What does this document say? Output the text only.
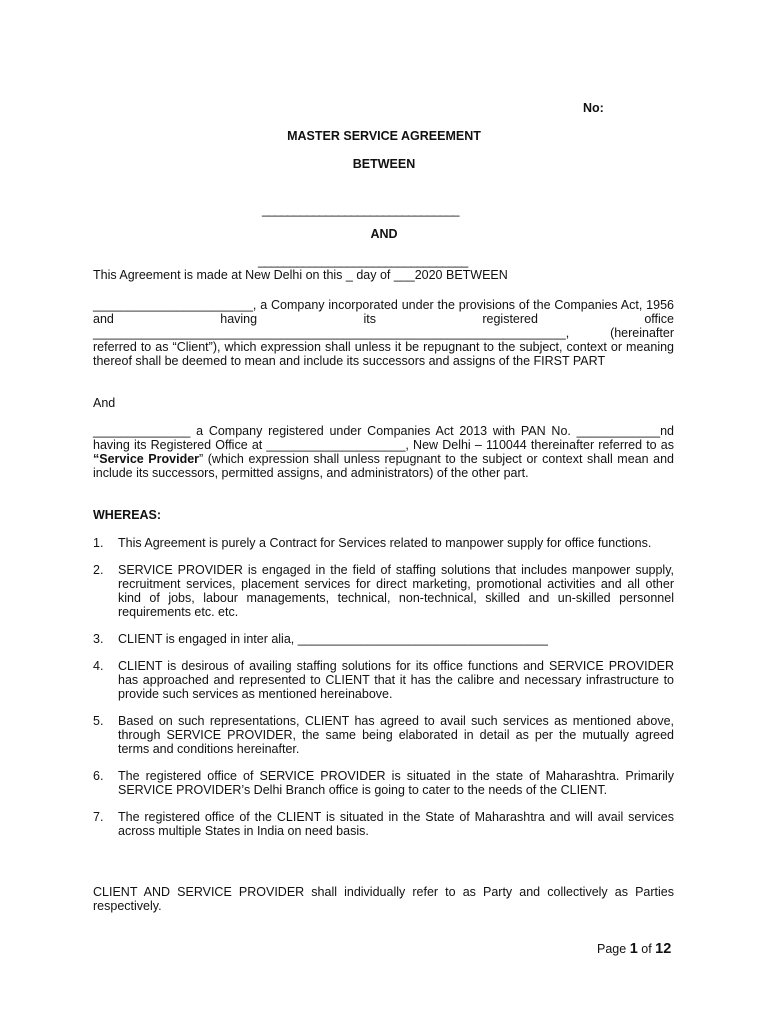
No:
MASTER SERVICE AGREEMENT
BETWEEN
_______________________________
AND
_________________________________
This Agreement is made at New Delhi on this _ day of ___2020 BETWEEN
_______________________, a Company incorporated under the provisions of the Companies Act, 1956 and having its registered office ____________________________________________________________________, (hereinafter referred to as “Client”), which expression shall unless it be repugnant to the subject, context or meaning thereof shall be deemed to mean and include its successors and assigns of the FIRST PART
And
______________ a Company registered under Companies Act 2013 with PAN No. ____________nd having its Registered Office at ____________________, New Delhi – 110044 thereinafter referred to as “Service Provider” (which expression shall unless repugnant to the subject or context shall mean and include its successors, permitted assigns, and administrators) of the other part.
WHEREAS:
1.	This Agreement is purely a Contract for Services related to manpower supply for office functions.
2.	SERVICE PROVIDER is engaged in the field of staffing solutions that includes manpower supply, recruitment services, placement services for direct marketing, promotional activities and all other kind of jobs, labour managements, technical, non-technical, skilled and un-skilled personnel requirements etc. etc.
3.	CLIENT is engaged in inter alia, ____________________________________
4.	CLIENT is desirous of availing staffing solutions for its office functions and SERVICE PROVIDER has approached and represented to CLIENT that it has the calibre and necessary infrastructure to provide such services as mentioned hereinabove.
5.	Based on such representations, CLIENT has agreed to avail such services as mentioned above, through SERVICE PROVIDER, the same being elaborated in detail as per the mutually agreed terms and conditions hereinafter.
6.	The registered office of SERVICE PROVIDER is situated in the state of Maharashtra. Primarily SERVICE PROVIDER’s Delhi Branch office is going to cater to the needs of the CLIENT.
7.	The registered office of the CLIENT is situated in the State of Maharashtra and will avail services across multiple States in India on need basis.
CLIENT AND SERVICE PROVIDER shall individually refer to as Party and collectively as Parties respectively.
Page 1 of 12
